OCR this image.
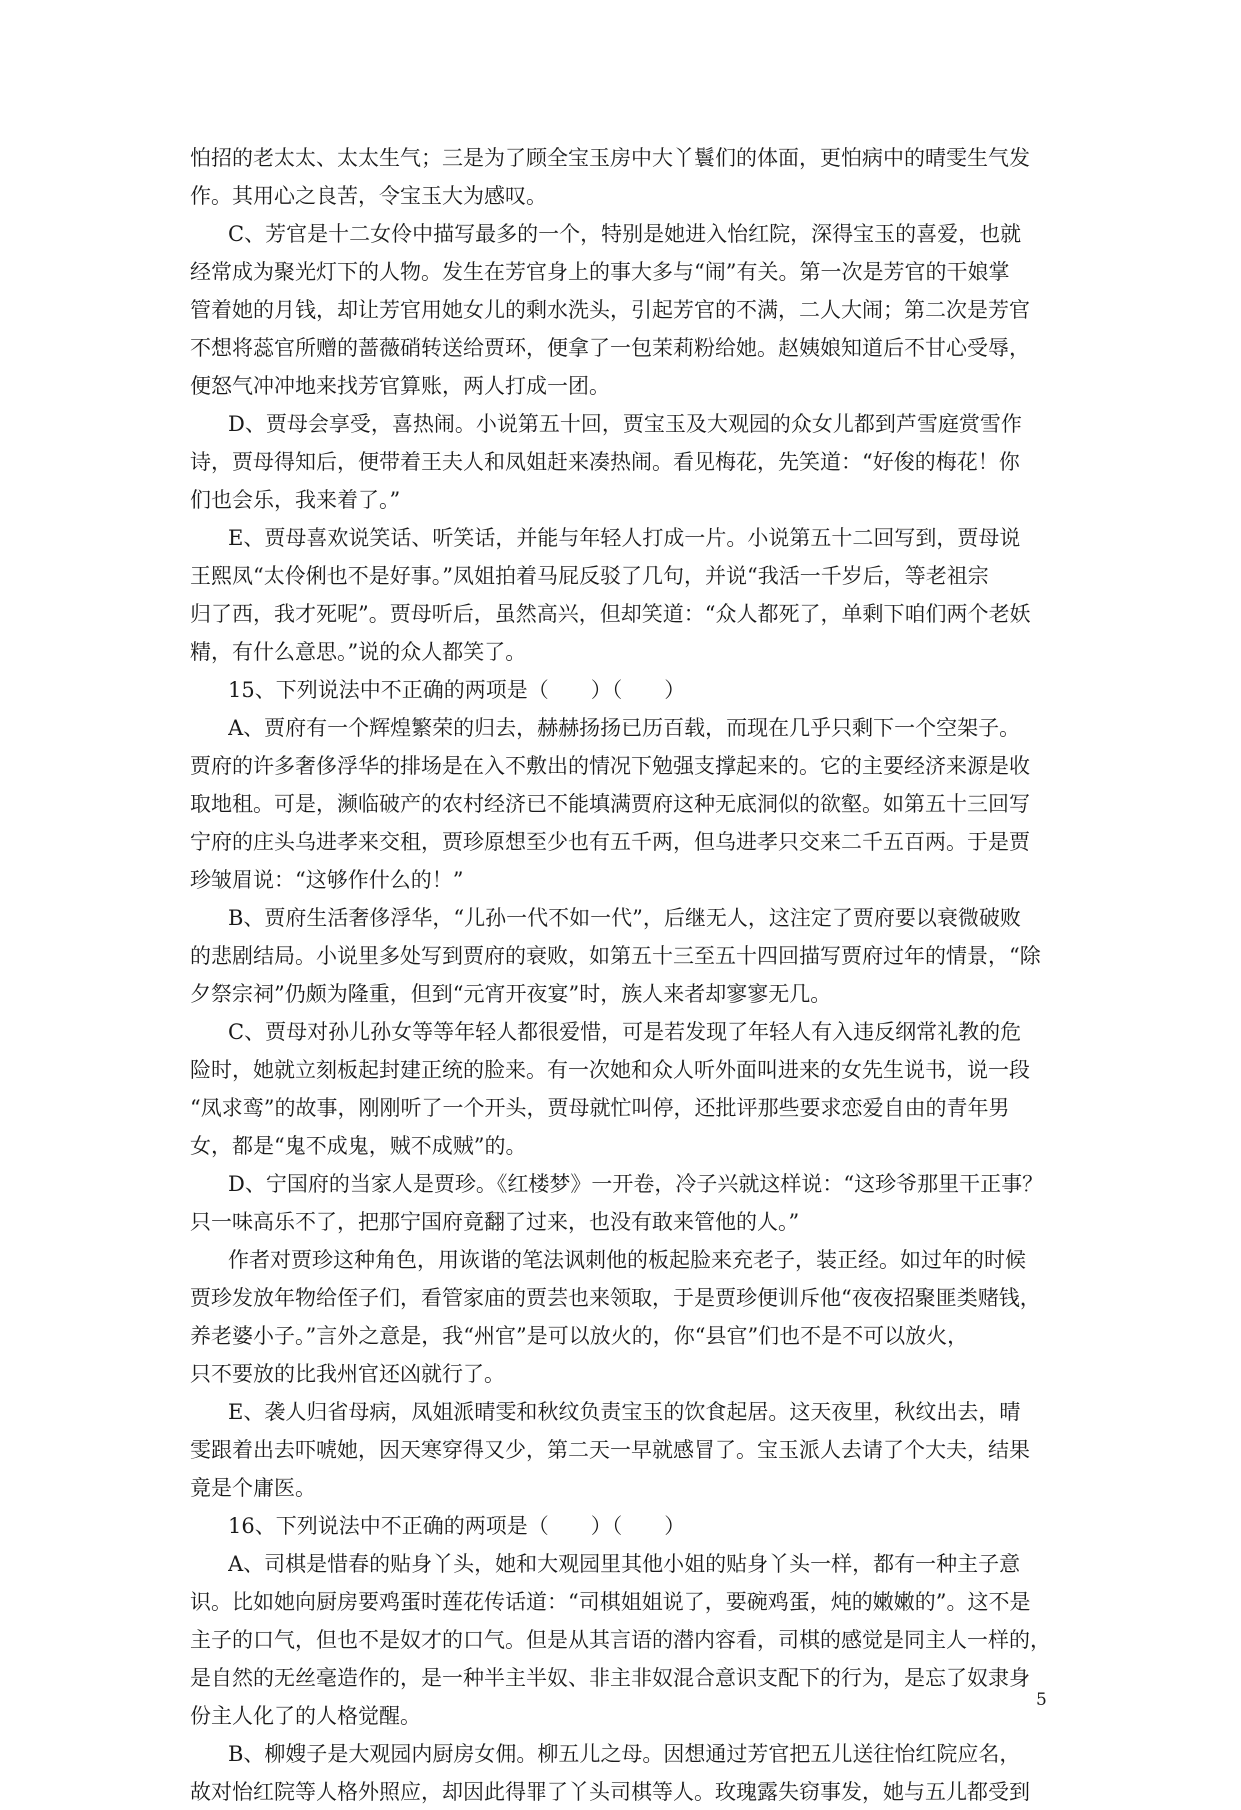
怕招的老太太、太太生气；三是为了顾全宝玉房中大丫鬟们的体面，更怕病中的晴雯生气发
作。其用心之良苦，令宝玉大为感叹。
C、芳官是十二女伶中描写最多的一个，特别是她进入怡红院，深得宝玉的喜爱，也就
经常成为聚光灯下的人物。发生在芳官身上的事大多与“闹”有关。第一次是芳官的干娘掌
管着她的月钱，却让芳官用她女儿的剩水洗头，引起芳官的不满，二人大闹；第二次是芳官
不想将蕊官所赠的蔷薇硝转送给贾环，便拿了一包茉莉粉给她。赵姨娘知道后不甘心受辱，
便怒气冲冲地来找芳官算账，两人打成一团。
D、贾母会享受，喜热闹。小说第五十回，贾宝玉及大观园的众女儿都到芦雪庭赏雪作
诗，贾母得知后，便带着王夫人和凤姐赶来凑热闹。看见梅花，先笑道：“好俊的梅花！你
们也会乐，我来着了。”
E、贾母喜欢说笑话、听笑话，并能与年轻人打成一片。小说第五十二回写到，贾母说
王熙凤“太伶俐也不是好事。”凤姐拍着马屁反驳了几句，并说“我活一千岁后，等老祖宗
归了西，我才死呢”。贾母听后，虽然高兴，但却笑道：“众人都死了，单剩下咱们两个老妖
精，有什么意思。”说的众人都笑了。
15、下列说法中不正确的两项是（　　）（　　）
A、贾府有一个辉煌繁荣的归去，赫赫扬扬已历百载，而现在几乎只剩下一个空架子。
贾府的许多奢侈浮华的排场是在入不敷出的情况下勉强支撑起来的。它的主要经济来源是收
取地租。可是，濒临破产的农村经济已不能填满贾府这种无底洞似的欲壑。如第五十三回写
宁府的庄头乌进孝来交租，贾珍原想至少也有五千两，但乌进孝只交来二千五百两。于是贾
珍皱眉说：“这够作什么的！”
B、贾府生活奢侈浮华，“儿孙一代不如一代”，后继无人，这注定了贾府要以衰微破败
的悲剧结局。小说里多处写到贾府的衰败，如第五十三至五十四回描写贾府过年的情景，“除
夕祭宗祠”仍颇为隆重，但到“元宵开夜宴”时，族人来者却寥寥无几。
C、贾母对孙儿孙女等等年轻人都很爱惜，可是若发现了年轻人有入违反纲常礼教的危
险时，她就立刻板起封建正统的脸来。有一次她和众人听外面叫进来的女先生说书，说一段
“凤求鸾”的故事，刚刚听了一个开头，贾母就忙叫停，还批评那些要求恋爱自由的青年男
女，都是“鬼不成鬼，贼不成贼”的。
D、宁国府的当家人是贾珍。《红楼梦》一开卷，冷子兴就这样说：“这珍爷那里干正事？
只一味高乐不了，把那宁国府竟翻了过来，也没有敢来管他的人。”
作者对贾珍这种角色，用诙谐的笔法讽刺他的板起脸来充老子，装正经。如过年的时候
贾珍发放年物给侄子们，看管家庙的贾芸也来领取，于是贾珍便训斥他“夜夜招聚匪类赌钱，
养老婆小子。”言外之意是，我“州官”是可以放火的，你“县官”们也不是不可以放火，
只不要放的比我州官还凶就行了。
E、袭人归省母病，凤姐派晴雯和秋纹负责宝玉的饮食起居。这天夜里，秋纹出去，晴
雯跟着出去吓唬她，因天寒穿得又少，第二天一早就感冒了。宝玉派人去请了个大夫，结果
竟是个庸医。
16、下列说法中不正确的两项是（　　）（　　）
A、司棋是惜春的贴身丫头，她和大观园里其他小姐的贴身丫头一样，都有一种主子意
识。比如她向厨房要鸡蛋时莲花传话道：“司棋姐姐说了，要碗鸡蛋，炖的嫩嫩的”。这不是
主子的口气，但也不是奴才的口气。但是从其言语的潜内容看，司棋的感觉是同主人一样的，
是自然的无丝毫造作的，是一种半主半奴、非主非奴混合意识支配下的行为，是忘了奴隶身
份主人化了的人格觉醒。
B、柳嫂子是大观园内厨房女佣。柳五儿之母。因想通过芳官把五儿送往怡红院应名，
故对怡红院等人格外照应，却因此得罪了丫头司棋等人。玫瑰露失窃事发，她与五儿都受到
5
